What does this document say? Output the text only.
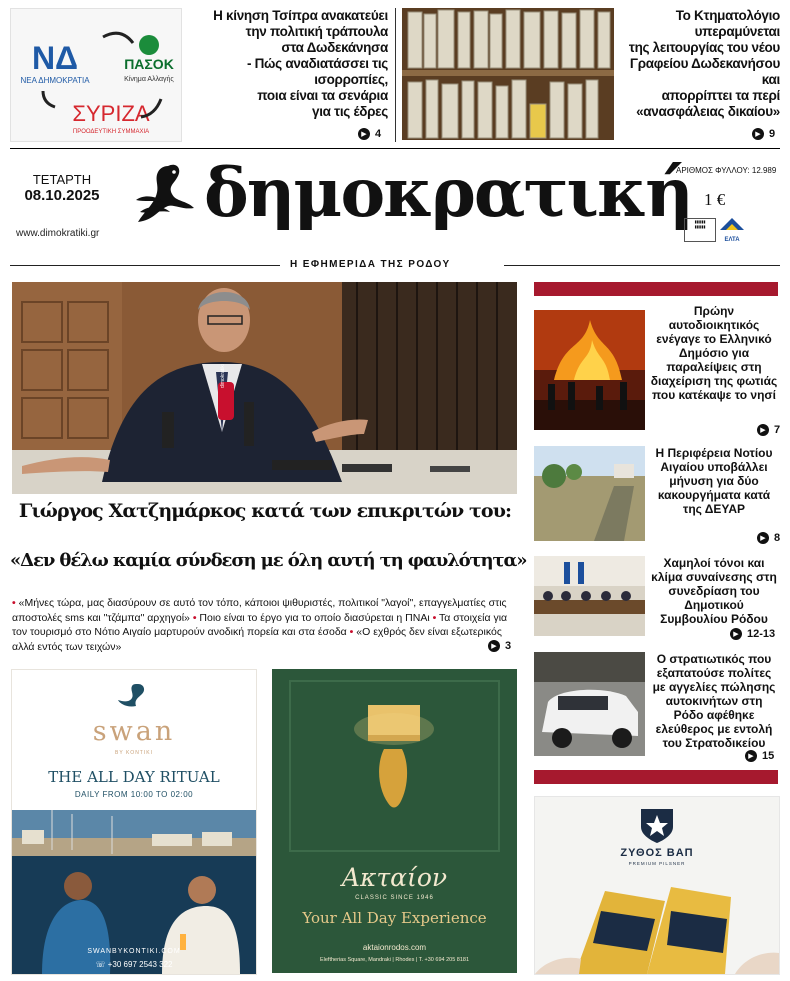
ΝΔ
ΝΕΑ ΔΗΜΟΚΡΑΤΙΑ
ΠΑΣΟΚ
Κίνημα Αλλαγής
ΣΥΡΙΖΑ
ΠΡΟΟΔΕΥΤΙΚΗ ΣΥΜΜΑΧΙΑ
Η κίνηση Τσίπρα ανακατεύει
την πολιτική τράπουλα
στα Δωδεκάνησα
- Πώς αναδιατάσσει τις ισορροπίες,
ποια είναι τα σενάρια
για τις έδρες
▶ 4
Το Κτηματολόγιο
υπεραμύνεται
της λειτουργίας του νέου
Γραφείου Δωδεκανήσου και
απορρίπτει τα περί
«ανασφάλειας δικαίου»
▶ 9
ΤΕΤΑΡΤΗ
08.10.2025
www.dimokratiki.gr
δημοκρατική
ΑΡΙΘΜΟΣ ΦΥΛΛΟΥ: 12.989
1 €
▮▮▮▮▮
▮▮▮▮▮
ΕΛΤΑ
Η ΕΦΗΜΕΡΙΔΑ ΤΗΣ ΡΟΔΟΥ
dimokratiki
Γιώργος Χατζημάρκος κατά των επικριτών του:
«Δεν θέλω καμία σύνδεση με όλη αυτή τη φαυλότητα»
• «Μήνες τώρα, μας διασύρουν σε αυτό τον τόπο, κάποιοι ψιθυριστές, πολιτικοί "λαγοί", επαγγελματίες στις αποστολές sms και "τζάμπα" αρχηγοί» • Ποιο είναι το έργο για το οποίο διασύρεται η ΠΝΑι • Τα στοιχεία για τον τουρισμό στο Νότιο Αιγαίο μαρτυρούν ανοδική πορεία και στα έσοδα • «Ο εχθρός δεν είναι εξωτερικός αλλά εντός των τειχών»	▶ 3
Πρώην αυτοδιοικητικός ενέγαγε το Ελληνικό Δημόσιο για παραλείψεις στη διαχείριση της φωτιάς που κατέκαψε το νησί
▶ 7
Η Περιφέρεια Νοτίου Αιγαίου υποβάλλει μήνυση για δύο κακουργήματα κατά της ΔΕΥΑΡ
▶ 8
Χαμηλοί τόνοι και κλίμα συναίνεσης στη συνεδρίαση του Δημοτικού Συμβουλίου Ρόδου
▶ 12-13
Ο στρατιωτικός που εξαπατούσε πολίτες με αγγελίες πώλησης αυτοκινήτων στη Ρόδο αφέθηκε ελεύθερος με εντολή του Στρατοδικείου
▶ 15
swan
BY KONTIKI
THE ALL DAY RITUAL
DAILY FROM 10:00 TO 02:00
SWANBYKONTIKI.COM
☏ +30 697 2543 322
Ακταίον
CLASSIC SINCE 1946
Your All Day Experience
aktaionrodos.com
Eleftherias Square, Mandraki | Rhodes | T. +30 694 205 8181
ΖΥΘΟΣ ΒΑΠ
PREMIUM PILSNER
